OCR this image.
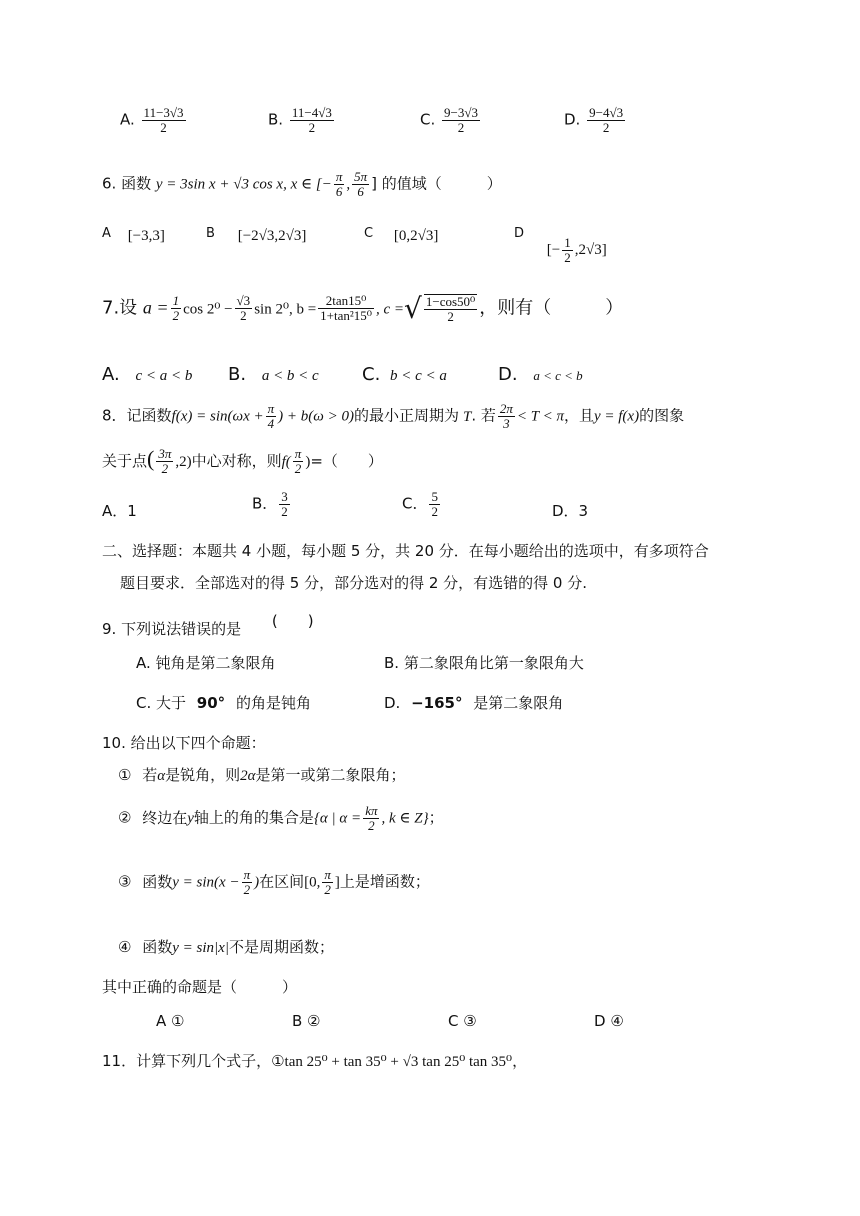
A. $\frac{11-3√3}{2}$	B. $\frac{11-4√3}{2}$	C. $\frac{9-3√3}{2}$	D. $\frac{9-4√3}{2}$
6. 函数 y = 3sin x + √3 cos x, x ∈ [− $\frac{\pi}{6}$ , $\frac{5\pi}{6}$ ] 的值域（　　　）
A [−3,3]	B [−2√3,2√3]	C [0,2√3]	D [− $\frac{1}{2} ,2√3$]
7.设 $a = \frac{1}{2}$ $\cos 2^0 - \frac{√3}{2}$ sin 2⁰, $b = \frac{\text{2tan15⁰}}{\text{1+tan²15⁰}}$ , c =√ $\frac{\text{1−cos50⁰}}{2}$ ，则有（　　　）
A. c < a < b B. a < b < c C. b < c < a	D. a < c < b
8．记函数$f(x) = \sin(\omega x + \frac{\pi}{4}$ ) + b(ω > 0)的最小正周期为 T. 若 $\frac{2\pi}{3} < T < \pi$，且y = f(x)的图象
关于点( $\frac{3\pi}{2} ,2$)中心对称，则$f( \frac{\pi}{2}$ )=（　　）
A．1	B． $\frac{3}{2}$	C． $\frac{5}{2}$	D．3
二、选择题：本题共 4 小题，每小题 5 分，共 20 分．在每小题给出的选项中，有多项符合
题目要求．全部选对的得 5 分，部分选对的得 2 分，有选错的得 0 分.
9. 下列说法错误的是 (　　)
A. 钝角是第二象限角	B. 第二象限角比第一象限角大
C. 大于 90° 的角是钝角	D. −165° 是第二象限角
10. 给出以下四个命题：
① 若α是锐角，则2α是第一或第二象限角；
② 终边在y轴上的角的集合是{α | $\alpha = \frac{k\pi}{2}$ , k ∈ Z}；
③ 函数$y = \sin(x - \frac{\pi}{2}$ )在区间[0, $\frac{\pi}{2}$ ]上是增函数；
④ 函数y = sin|x|不是周期函数；
其中正确的命题是（　　　）
A ①	B ②	C ③	D ④
11．计算下列几个式子，①tan 25⁰ + tan 35⁰ + √3 tan 25⁰ tan 35⁰，
